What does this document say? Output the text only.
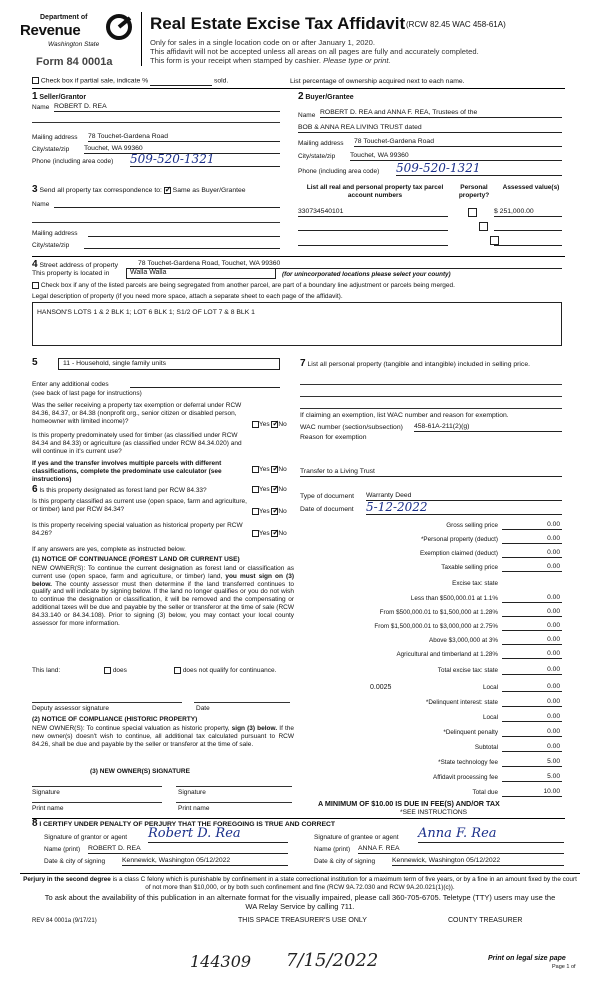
Department of
Revenue
Washington State
Form 84 0001a
Real Estate Excise Tax Affidavit (RCW 82.45 WAC 458-61A)
Only for sales in a single location code on or after January 1, 2020.
This affidavit will not be accepted unless all areas on all pages are fully and accurately completed.
This form is your receipt when stamped by cashier. Please type or print.
Check box if partial sale, indicate %	sold.	List percentage of ownership acquired next to each name.
1 Seller/Grantor
Name ROBERT D. REA
Mailing address 78 Touchet-Gardena Road
City/state/zip Touchet, WA 99360
Phone (including area code) 509-520-1321
2 Buyer/Grantee
Name ROBERT D. REA and ANNA F. REA, Trustees of the
BOB & ANNA REA LIVING TRUST dated
Mailing address 78 Touchet-Gardena Road
City/state/zip Touchet, WA 99360
Phone (including area code) 509-520-1321
3 Send all property tax correspondence to: ✓ Same as Buyer/Grantee
Name
Mailing address
City/state/zip
List all real and personal property tax parcel account numbers
Personal property?
Assessed value(s)
330734540101
	$ 251,000.00

4 Street address of property	78 Touchet-Gardena Road, Touchet, WA 99360
This property is located in	Walla Walla	(for unincorporated locations please select your county)
Check box if any of the listed parcels are being segregated from another parcel, are part of a boundary line adjustment or parcels being merged.
Legal description of property (if you need more space, attach a separate sheet to each page of the affidavit).
HANSON'S LOTS 1 & 2 BLK 1; LOT 6 BLK 1; S1/2 OF LOT 7 & 8 BLK 1
5	11 - Household, single family units
Enter any additional codes
(see back of last page for instructions)
Was the seller receiving a property tax exemption or deferral under RCW 84.36, 84.37, or 84.38 (nonprofit org., senior citizen or disabled person, homeowner with limited income)?
Yes ✓ No
Is this property predominately used for timber (as classified under RCW 84.34 and 84.33) or agriculture (as classified under RCW 84.34.020) and will continue in it's current use?
If yes and the transfer involves multiple parcels with different classifications, complete the predominate use calculator (see instructions)
Yes ✓ No
6 Is this property designated as forest land per RCW 84.33?	Yes ✓ No
Is this property classified as current use (open space, farm and agriculture, or timber) land per RCW 84.34?	Yes ✓ No
Is this property receiving special valuation as historical property per RCW 84.26?	Yes ✓ No
If any answers are yes, complete as instructed below.
(1) NOTICE OF CONTINUANCE (FOREST LAND OR CURRENT USE)
NEW OWNER(S): To continue the current designation as forest land or classification as current use (open space, farm and agriculture, or timber) land, you must sign on (3) below. The county assessor must then determine if the land transferred continues to qualify and will indicate by signing below. If the land no longer qualifies or you do not wish to continue the designation or classification, it will be removed and the compensating or additional taxes will be due and payable by the seller or transferor at the time of sale (RCW 84.33.140 or 84.34.108). Prior to signing (3) below, you may contact your local county assessor for more information.
This land:	does	does not qualify for continuance.
Deputy assessor signature	Date
(2) NOTICE OF COMPLIANCE (HISTORIC PROPERTY)
NEW OWNER(S): To continue special valuation as historic property, sign (3) below. If the new owner(s) doesn't wish to continue, all additional tax calculated pursuant to RCW 84.26, shall be due and payable by the seller or transferor at the time of sale.
(3) NEW OWNER(S) SIGNATURE
Signature	Signature
Print name	Print name
7 List all personal property (tangible and intangible) included in selling price.
If claiming an exemption, list WAC number and reason for exemption.
WAC number (section/subsection) 458-61A-211(2)(g)
Reason for exemption
Transfer to a Living Trust
Type of document Warranty Deed
Date of document 5-12-2022
Gross selling price	0.00
*Personal property (deduct)	0.00
Exemption claimed (deduct)	0.00
Taxable selling price	0.00
Excise tax: state
Less than $500,000.01 at 1.1%	0.00
From $500,000.01 to $1,500,000 at 1.28%	0.00
From $1,500,000.01 to $3,000,000 at 2.75%	0.00
Above $3,000,000 at 3%	0.00
Agricultural and timberland at 1.28%	0.00
Total excise tax: state	0.00
0.0025	Local	0.00
*Delinquent interest: state	0.00
Local	0.00
*Delinquent penalty	0.00
Subtotal	0.00
*State technology fee	5.00
Affidavit processing fee	5.00
Total due	10.00
A MINIMUM OF $10.00 IS DUE IN FEE(S) AND/OR TAX
*SEE INSTRUCTIONS
8 I CERTIFY UNDER PENALTY OF PERJURY THAT THE FOREGOING IS TRUE AND CORRECT
Signature of grantor or agent Robert D. Rea
Name (print) ROBERT D. REA
Date & city of signing Kennewick, Washington 05/12/2022
Signature of grantee or agent Anna F. Rea
Name (print) ANNA F. REA
Date & city of signing Kennewick, Washington 05/12/2022
Perjury in the second degree is a class C felony which is punishable by confinement in a state correctional institution for a maximum term of five years, or by a fine in an amount fixed by the court of not more than $10,000, or by both such confinement and fine (RCW 9A.72.030 and RCW 9A.20.021(1)(c)).
To ask about the availability of this publication in an alternate format for the visually impaired, please call 360-705-6705. Teletype (TTY) users may use the WA Relay Service by calling 711.
REV 84 0001a (9/17/21)	THIS SPACE TREASURER'S USE ONLY	COUNTY TREASURER
144309 7/15/2022	Print on legal size pape
Page 1 of
